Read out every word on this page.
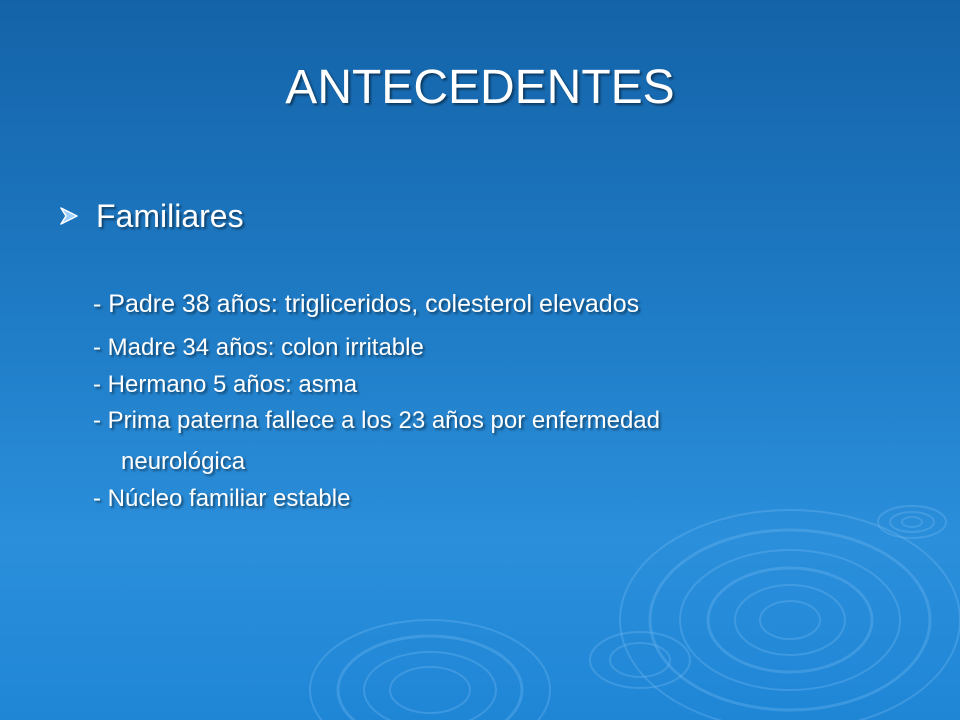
ANTECEDENTES
Familiares
- Padre 38 años: trigliceridos, colesterol elevados
- Madre 34 años: colon irritable
- Hermano 5 años: asma
- Prima paterna fallece a los 23 años por enfermedad
neurológica
- Núcleo familiar estable
